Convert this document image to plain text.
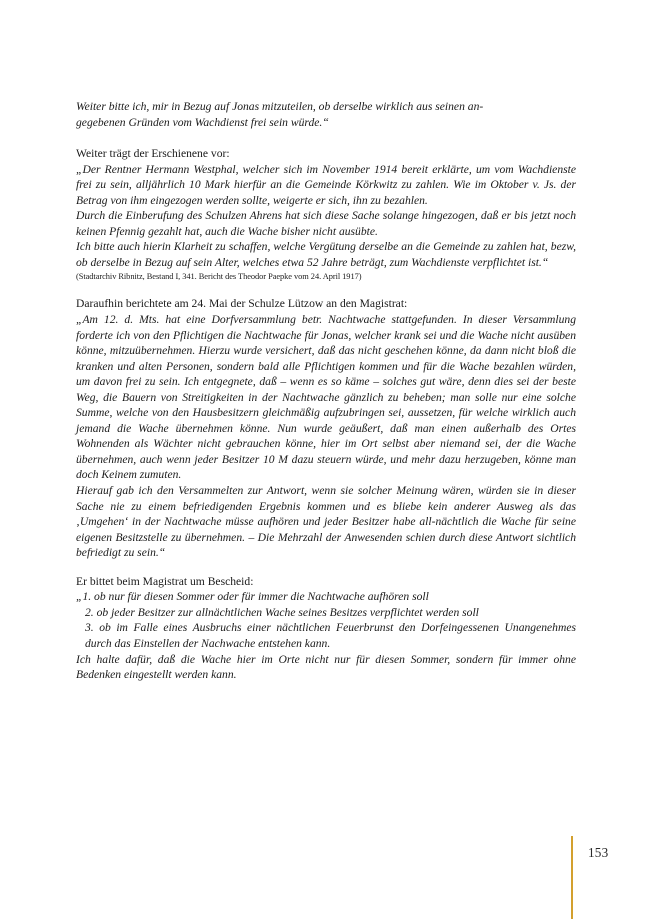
Weiter bitte ich, mir in Bezug auf Jonas mitzuteilen, ob derselbe wirklich aus seinen an-
gegebenen Gründen vom Wachdienst frei sein würde.“

Weiter trägt der Erschienene vor:

„Der Rentner Hermann Westphal, welcher sich im November 1914 bereit erklärte, um vom Wachdienste frei zu sein, alljährlich 10 Mark hierfür an die Gemeinde Körkwitz zu zahlen. Wie im Oktober v. Js. der Betrag von ihm eingezogen werden sollte, weigerte er sich, ihn zu bezahlen.

Durch die Einberufung des Schulzen Ahrens hat sich diese Sache solange hingezogen, daß er bis jetzt noch keinen Pfennig gezahlt hat, auch die Wache bisher nicht ausübte.

Ich bitte auch hierin Klarheit zu schaffen, welche Vergütung derselbe an die Gemeinde zu zahlen hat, bezw, ob derselbe in Bezug auf sein Alter, welches etwa 52 Jahre beträgt, zum Wachdienste verpflichtet ist.“

(Stadtarchiv Ribnitz, Bestand I, 341. Bericht des Theodor Paepke vom 24. April 1917)

Daraufhin berichtete am 24. Mai der Schulze Lützow an den Magistrat:

„Am 12. d. Mts. hat eine Dorfversammlung betr. Nachtwache stattgefunden. In dieser Versammlung forderte ich von den Pflichtigen die Nachtwache für Jonas, welcher krank sei und die Wache nicht ausüben könne, mitzuübernehmen. Hierzu wurde versichert, daß das nicht geschehen könne, da dann nicht bloß die kranken und alten Personen, sondern bald alle Pflichtigen kommen und für die Wache bezahlen würden, um davon frei zu sein. Ich entgegnete, daß – wenn es so käme – solches gut wäre, denn dies sei der beste Weg, die Bauern von Streitigkeiten in der Nachtwache gänzlich zu beheben; man solle nur eine solche Summe, welche von den Hausbesitzern gleichmäßig aufzubringen sei, aussetzen, für welche wirklich auch jemand die Wache übernehmen könne. Nun wurde geäußert, daß man einen außerhalb des Ortes Wohnenden als Wächter nicht gebrauchen könne, hier im Ort selbst aber niemand sei, der die Wache übernehmen, auch wenn jeder Besitzer 10 M dazu steuern würde, und mehr dazu herzugeben, könne man doch Keinem zumuten.

Hierauf gab ich den Versammelten zur Antwort, wenn sie solcher Meinung wären, würden sie in dieser Sache nie zu einem befriedigenden Ergebnis kommen und es bliebe kein anderer Ausweg als das ‚Umgehen‘ in der Nachtwache müsse aufhören und jeder Besitzer habe all-nächtlich die Wache für seine eigenen Besitzstelle zu übernehmen. – Die Mehrzahl der Anwesenden schien durch diese Antwort sichtlich befriedigt zu sein.“

Er bittet beim Magistrat um Bescheid:

„1. ob nur für diesen Sommer oder für immer die Nachtwache aufhören soll

2. ob jeder Besitzer zur allnächtlichen Wache seines Besitzes verpflichtet werden soll

3. ob im Falle eines Ausbruchs einer nächtlichen Feuerbrunst den Dorfeingessenen Unangenehmes durch das Einstellen der Nachwache entstehen kann.

Ich halte dafür, daß die Wache hier im Orte nicht nur für diesen Sommer, sondern für immer ohne Bedenken eingestellt werden kann.

153
